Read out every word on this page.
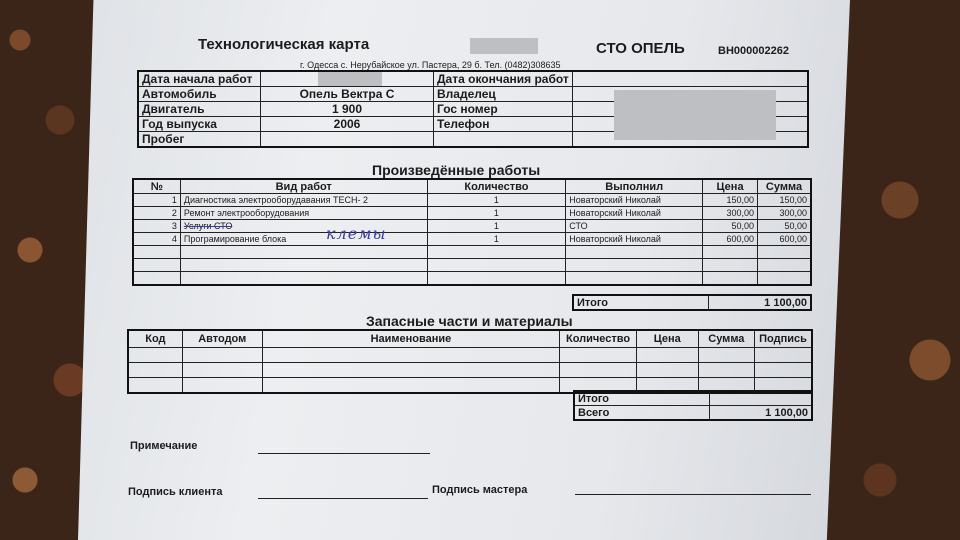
Технологическая карта	СТО ОПЕЛЬ	ВН000002262
г. Одесса с. Нерубайское ул. Пастера, 29 б. Тел. (0482)308635
Дата начала работ		Дата окончания работ	
Автомобиль	Опель Вектра С	Владелец	
Двигатель	1 900	Гос номер	
Год выпуска	2006	Телефон	
Пробег			
Произведённые работы
№	Вид работ	Количество	Выполнил	Цена	Сумма
1	Диагностика электрооборудавания TECH- 2	1	Новаторский Николай	150,00	150,00
2	Ремонт электрооборудования	1	Новаторский Николай	300,00	300,00
3	Услуги СТО	1	СТО	50,00	50,00
4	Програмирование блока	1	Новаторский Николай	600,00	600,00

клемы
Итого	1 100,00
Запасные части и материалы
Код	Автодом	Наименование	Количество	Цена	Сумма	Подпись

Итого	
Всего	1 100,00
Примечание
Подпись клиента	Подпись мастера
